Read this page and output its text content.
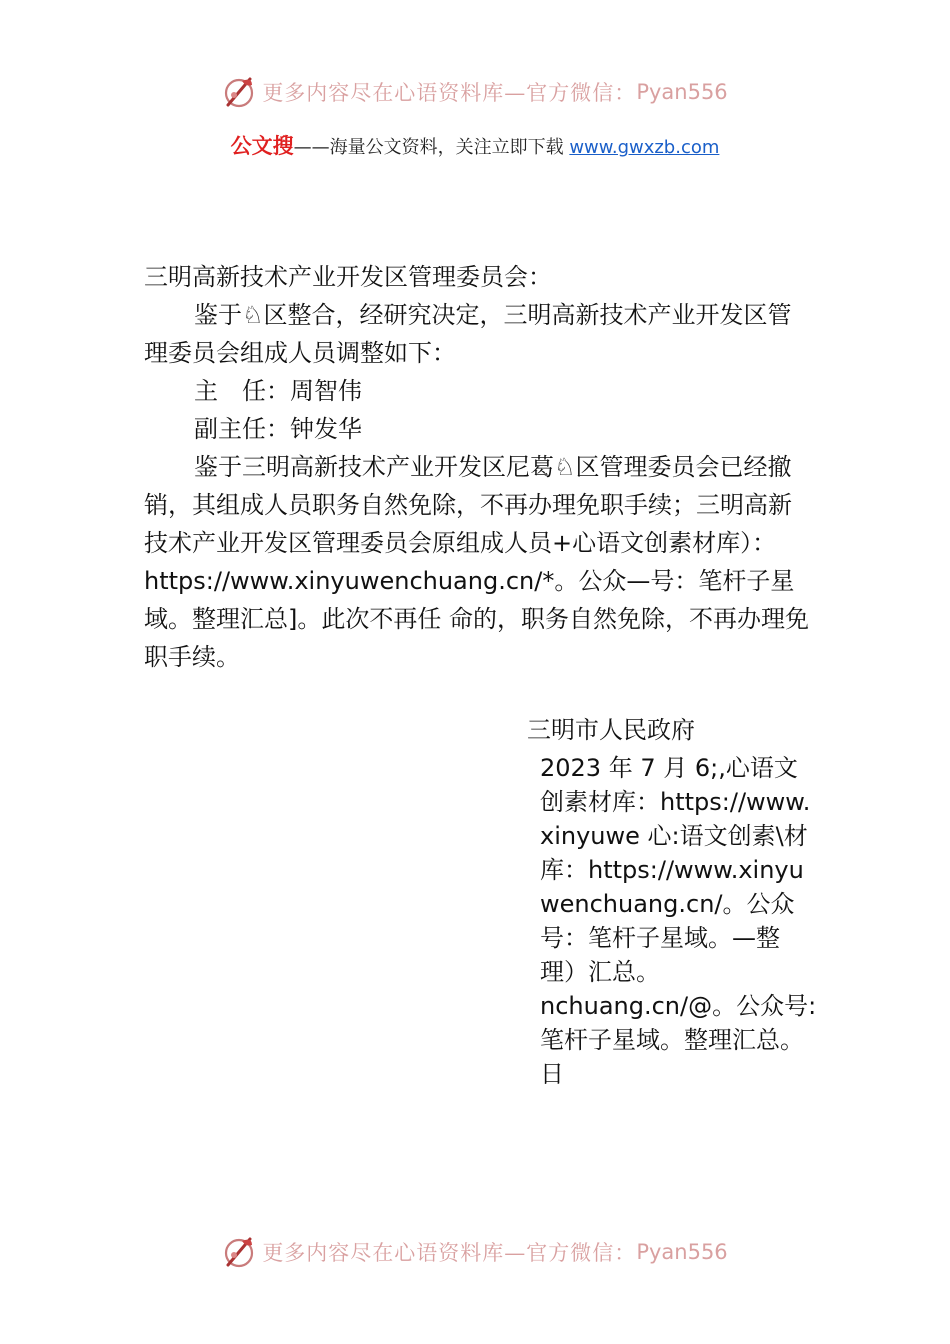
更多内容尽在心语资料库—官方微信： Pyan556
公文搜——海量公文资料，关注立即下载 www.gwxzb.com

三明高新技术产业开发区管理委员会：

鉴于♘区整合，经研究决定，三明高新技术产业开发区管理委员会组成人员调整如下：

主　任：周智伟

副主任：钟发华

鉴于三明高新技术产业开发区尼葛♘区管理委员会已经撤销，其组成人员职务自然免除，不再办理免职手续；三明高新技术产业开发区管理委员会原组成人员+心语文创素材库）：https://www.xinyuwenchuang.cn/*。公众—号：笔杆子星域。整理汇总]。此次不再任 命的，职务自然免除，不再办理免职手续。

三明市人民政府
2023 年 7 月 6;,心语文
创素材库：https://www.
xinyuwe 心:语文创素\材
库：https://www.xinyu
wenchuang.cn/。公众
号：笔杆子星域。—整
理）汇总。
nchuang.cn/@。公众号:
笔杆子星域。整理汇总。
日
更多内容尽在心语资料库—官方微信： Pyan556
